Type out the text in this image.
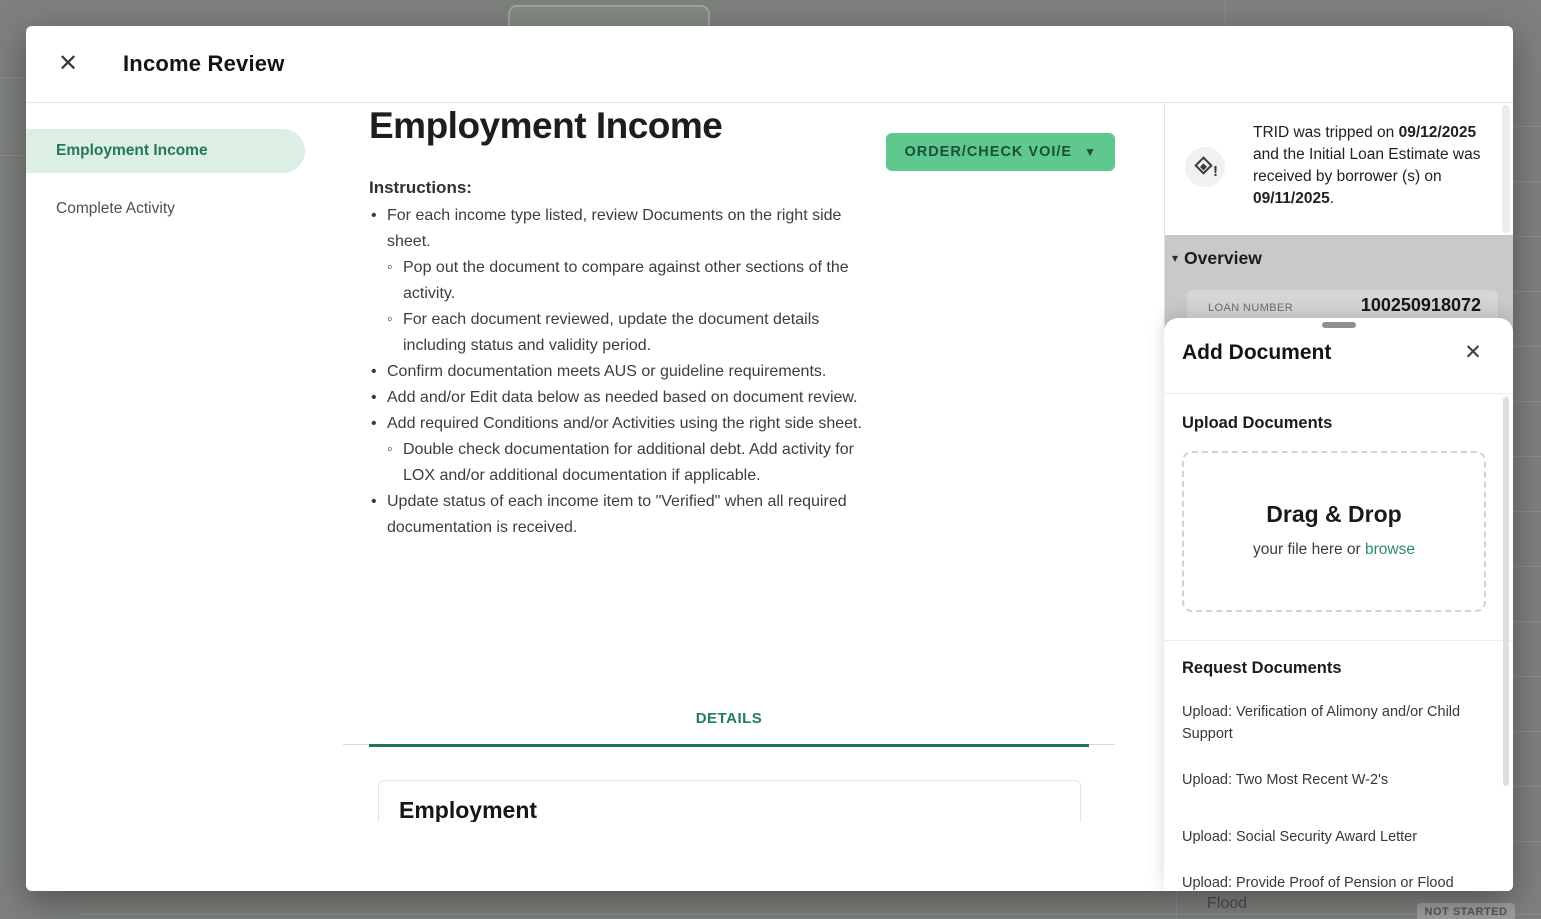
Flood	NOT STARTED
✕ Income Review
Employment Income
Complete Activity
Employment Income
ORDER/CHECK VOI/E ▼
Instructions:
• For each income type listed, review Documents on the right side sheet.
◦ Pop out the document to compare against other sections of the activity.
◦ For each document reviewed, update the document details including status and validity period.
• Confirm documentation meets AUS or guideline requirements.
• Add and/or Edit data below as needed based on document review.
• Add required Conditions and/or Activities using the right side sheet.
◦ Double check documentation for additional debt. Add activity for LOX and/or additional documentation if applicable.
• Update status of each income item to "Verified" when all required documentation is received.
DETAILS
Employment
!
TRID was tripped on 09/12/2025 and the Initial Loan Estimate was received by borrower (s) on 09/11/2025.
▾ Overview
LOAN NUMBER	100250918072
Add Document	✕
Upload Documents
Drag & Drop
your file here or browse
Request Documents
Upload: Verification of Alimony and/or Child Support
Upload: Two Most Recent W-2's
Upload: Social Security Award Letter
Upload: Provide Proof of Pension or Flood
